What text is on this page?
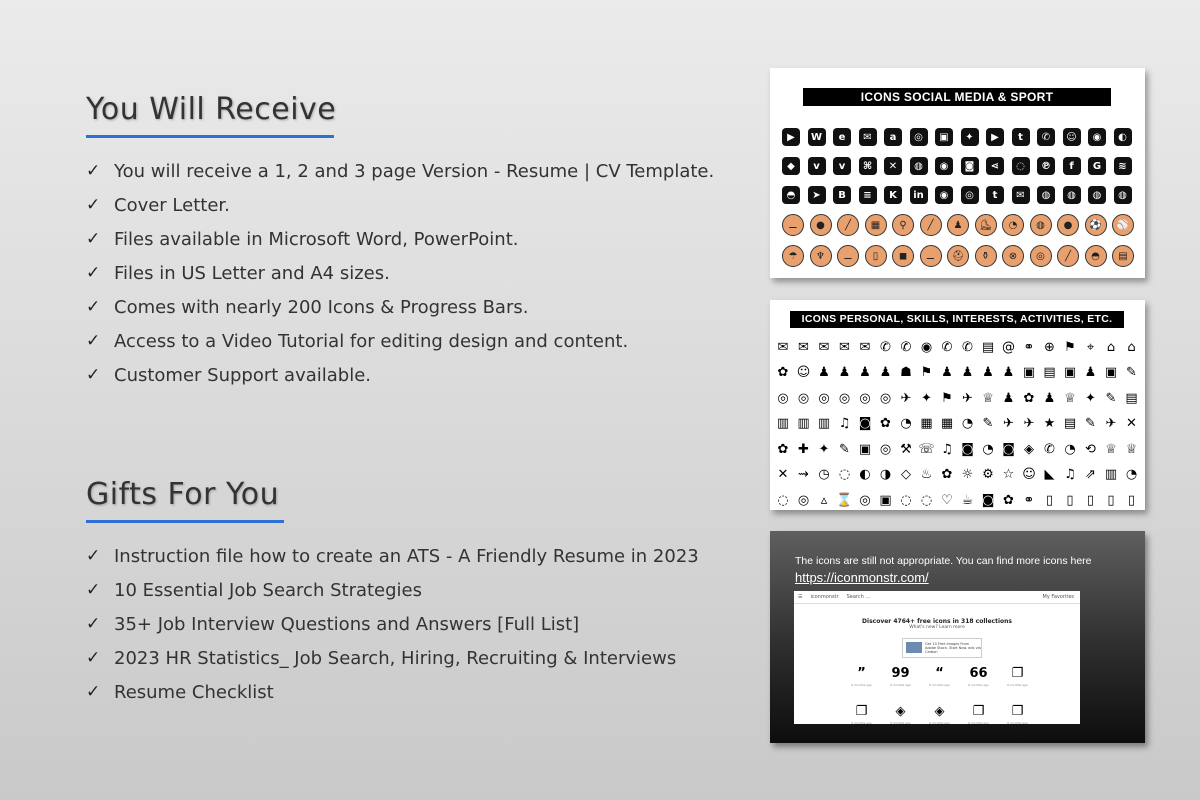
You Will Receive
✓ You will receive a 1, 2 and 3 page Version - Resume | CV Template.
✓ Cover Letter.
✓ Files available in Microsoft Word, PowerPoint.
✓ Files in US Letter and A4 sizes.
✓ Comes with nearly 200 Icons & Progress Bars.
✓ Access to a Video Tutorial for editing design and content.
✓ Customer Support available.
Gifts For You
✓ Instruction file how to create an ATS - A Friendly Resume in 2023
✓ 10 Essential Job Search Strategies
✓ 35+ Job Interview Questions and Answers [Full List]
✓ 2023 HR Statistics_ Job Search, Hiring, Recruiting & Interviews
✓ Resume Checklist
ICONS SOCIAL MEDIA & SPORT
▶	W	e	✉	a	◎	▣	✦	▶	t	✆	☺	◉	◐
◆	v	v	⌘	✕	◍	◉	◙	⋖	◌	℗	f	G	≋
◓	➤	B	≡	K	in	◉	◎	t	✉	◍	◍	◍	◍
⚊	●	╱	▦	⚲	╱	♟	⛸	◔	◍	●	⚽	⚾
☂	♆	⚊	▯	◼	⚊	⛑	⚱	⊗	◎	╱	◓	▤
ICONS PERSONAL, SKILLS, INTERESTS, ACTIVITIES, ETC.
✉ ✉ ✉ ✉ ✉ ✆ ✆ ◉ ✆ ✆ ▤ @ ⚭ ⊕ ⚑ ⌖ ⌂ ⌂
✿ ☺ ♟ ♟ ♟ ♟ ☗ ⚑ ♟ ♟ ♟ ♟ ▣ ▤ ▣ ♟ ▣ ✎
◎ ◎ ◎ ◎ ◎ ◎ ✈ ✦ ⚑ ✈ ♕ ♟ ✿ ♟ ♕ ✦ ✎ ▤
▥ ▥ ▥ ♫ ◙ ✿ ◔ ▦ ▦ ◔ ✎ ✈ ✈ ★ ▤ ✎ ✈ ✕
✿ ✚ ✦ ✎ ▣ ◎ ⚒ ☏ ♫ ◙ ◔ ◙ ◈ ✆ ◔ ⟲ ♕ ♕
✕ ⇝ ◷ ◌ ◐ ◑ ◇ ♨ ✿ ☼ ⚙ ☆ ☺ ◣ ♫ ⇗ ▥ ◔
◌ ◎ ▵ ⌛ ◎ ▣ ◌ ◌ ♡ ☕ ◙ ✿ ⚭ ▯ ▯ ▯ ▯ ▯
The icons are still not appropriate. You can find more icons here
https://iconmonstr.com/
☰ iconmonstr Search ...	My Favorites
Discover 4764+ free icons in 318 collections
What's new? Learn more
Get 10 Free Images From Adobe Stock. Start Now. ads via Carbon
”
6 months ago
99
6 months ago
“
6 months ago
66
6 months ago
❐
6 months ago
❐
6 months ago
◈
6 months ago
◈
6 months ago
❐
6 months ago
❐
6 months ago
